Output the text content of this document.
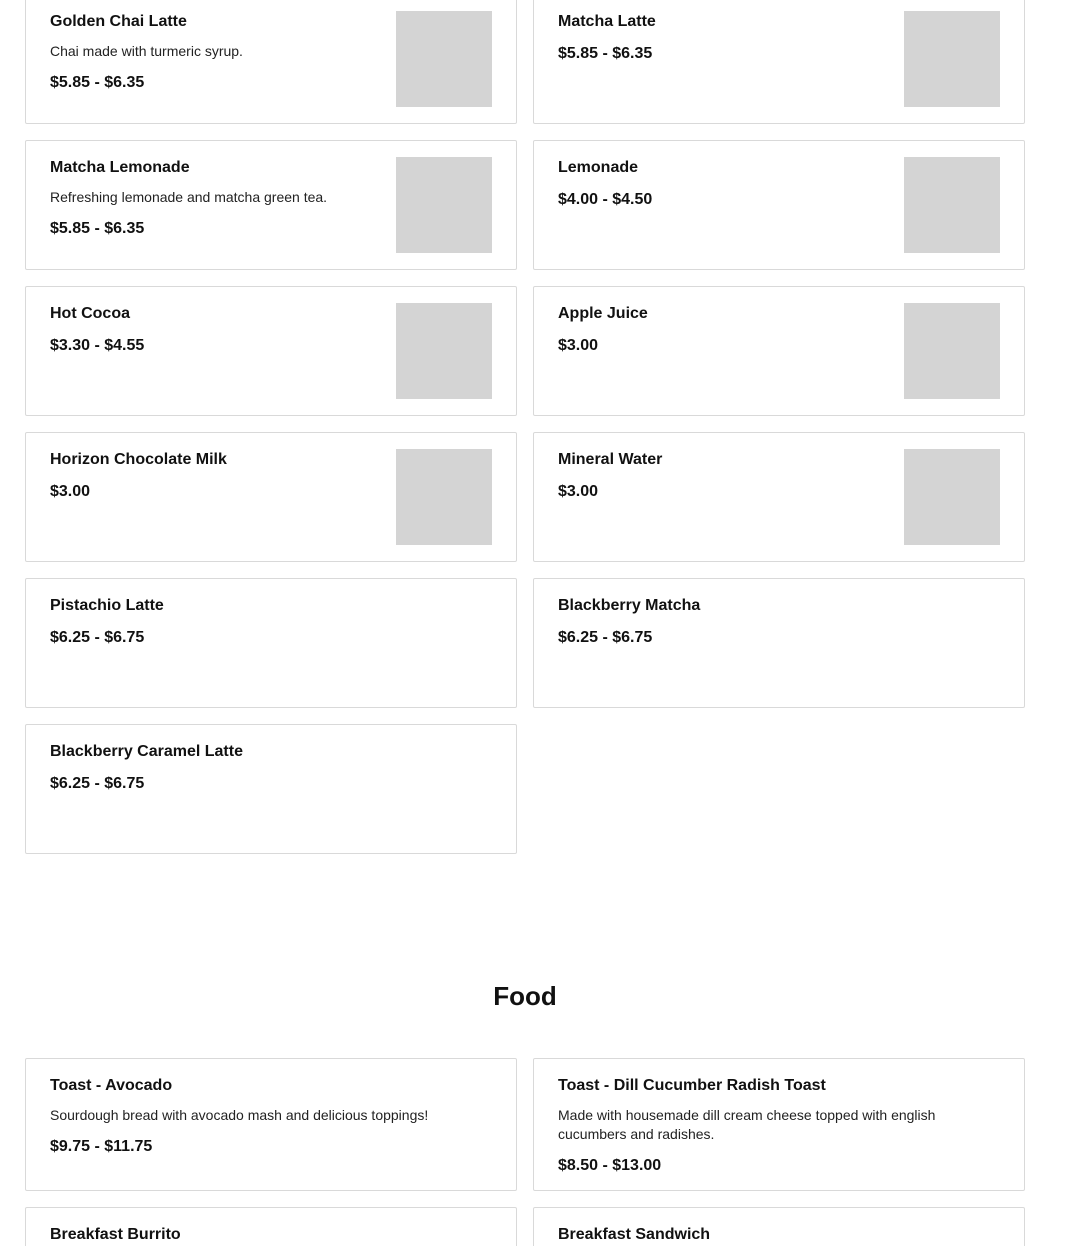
Golden Chai Latte
Chai made with turmeric syrup.
$5.85 - $6.35
Matcha Latte
$5.85 - $6.35
Matcha Lemonade
Refreshing lemonade and matcha green tea.
$5.85 - $6.35
Lemonade
$4.00 - $4.50
Hot Cocoa
$3.30 - $4.55
Apple Juice
$3.00
Horizon Chocolate Milk
$3.00
Mineral Water
$3.00
Pistachio Latte
$6.25 - $6.75
Blackberry Matcha
$6.25 - $6.75
Blackberry Caramel Latte
$6.25 - $6.75
Food
Toast - Avocado
Sourdough bread with avocado mash and delicious toppings!
$9.75 - $11.75
Toast - Dill Cucumber Radish Toast
Made with housemade dill cream cheese topped with english cucumbers and radishes.
$8.50 - $13.00
Breakfast Burrito	Breakfast Sandwich
